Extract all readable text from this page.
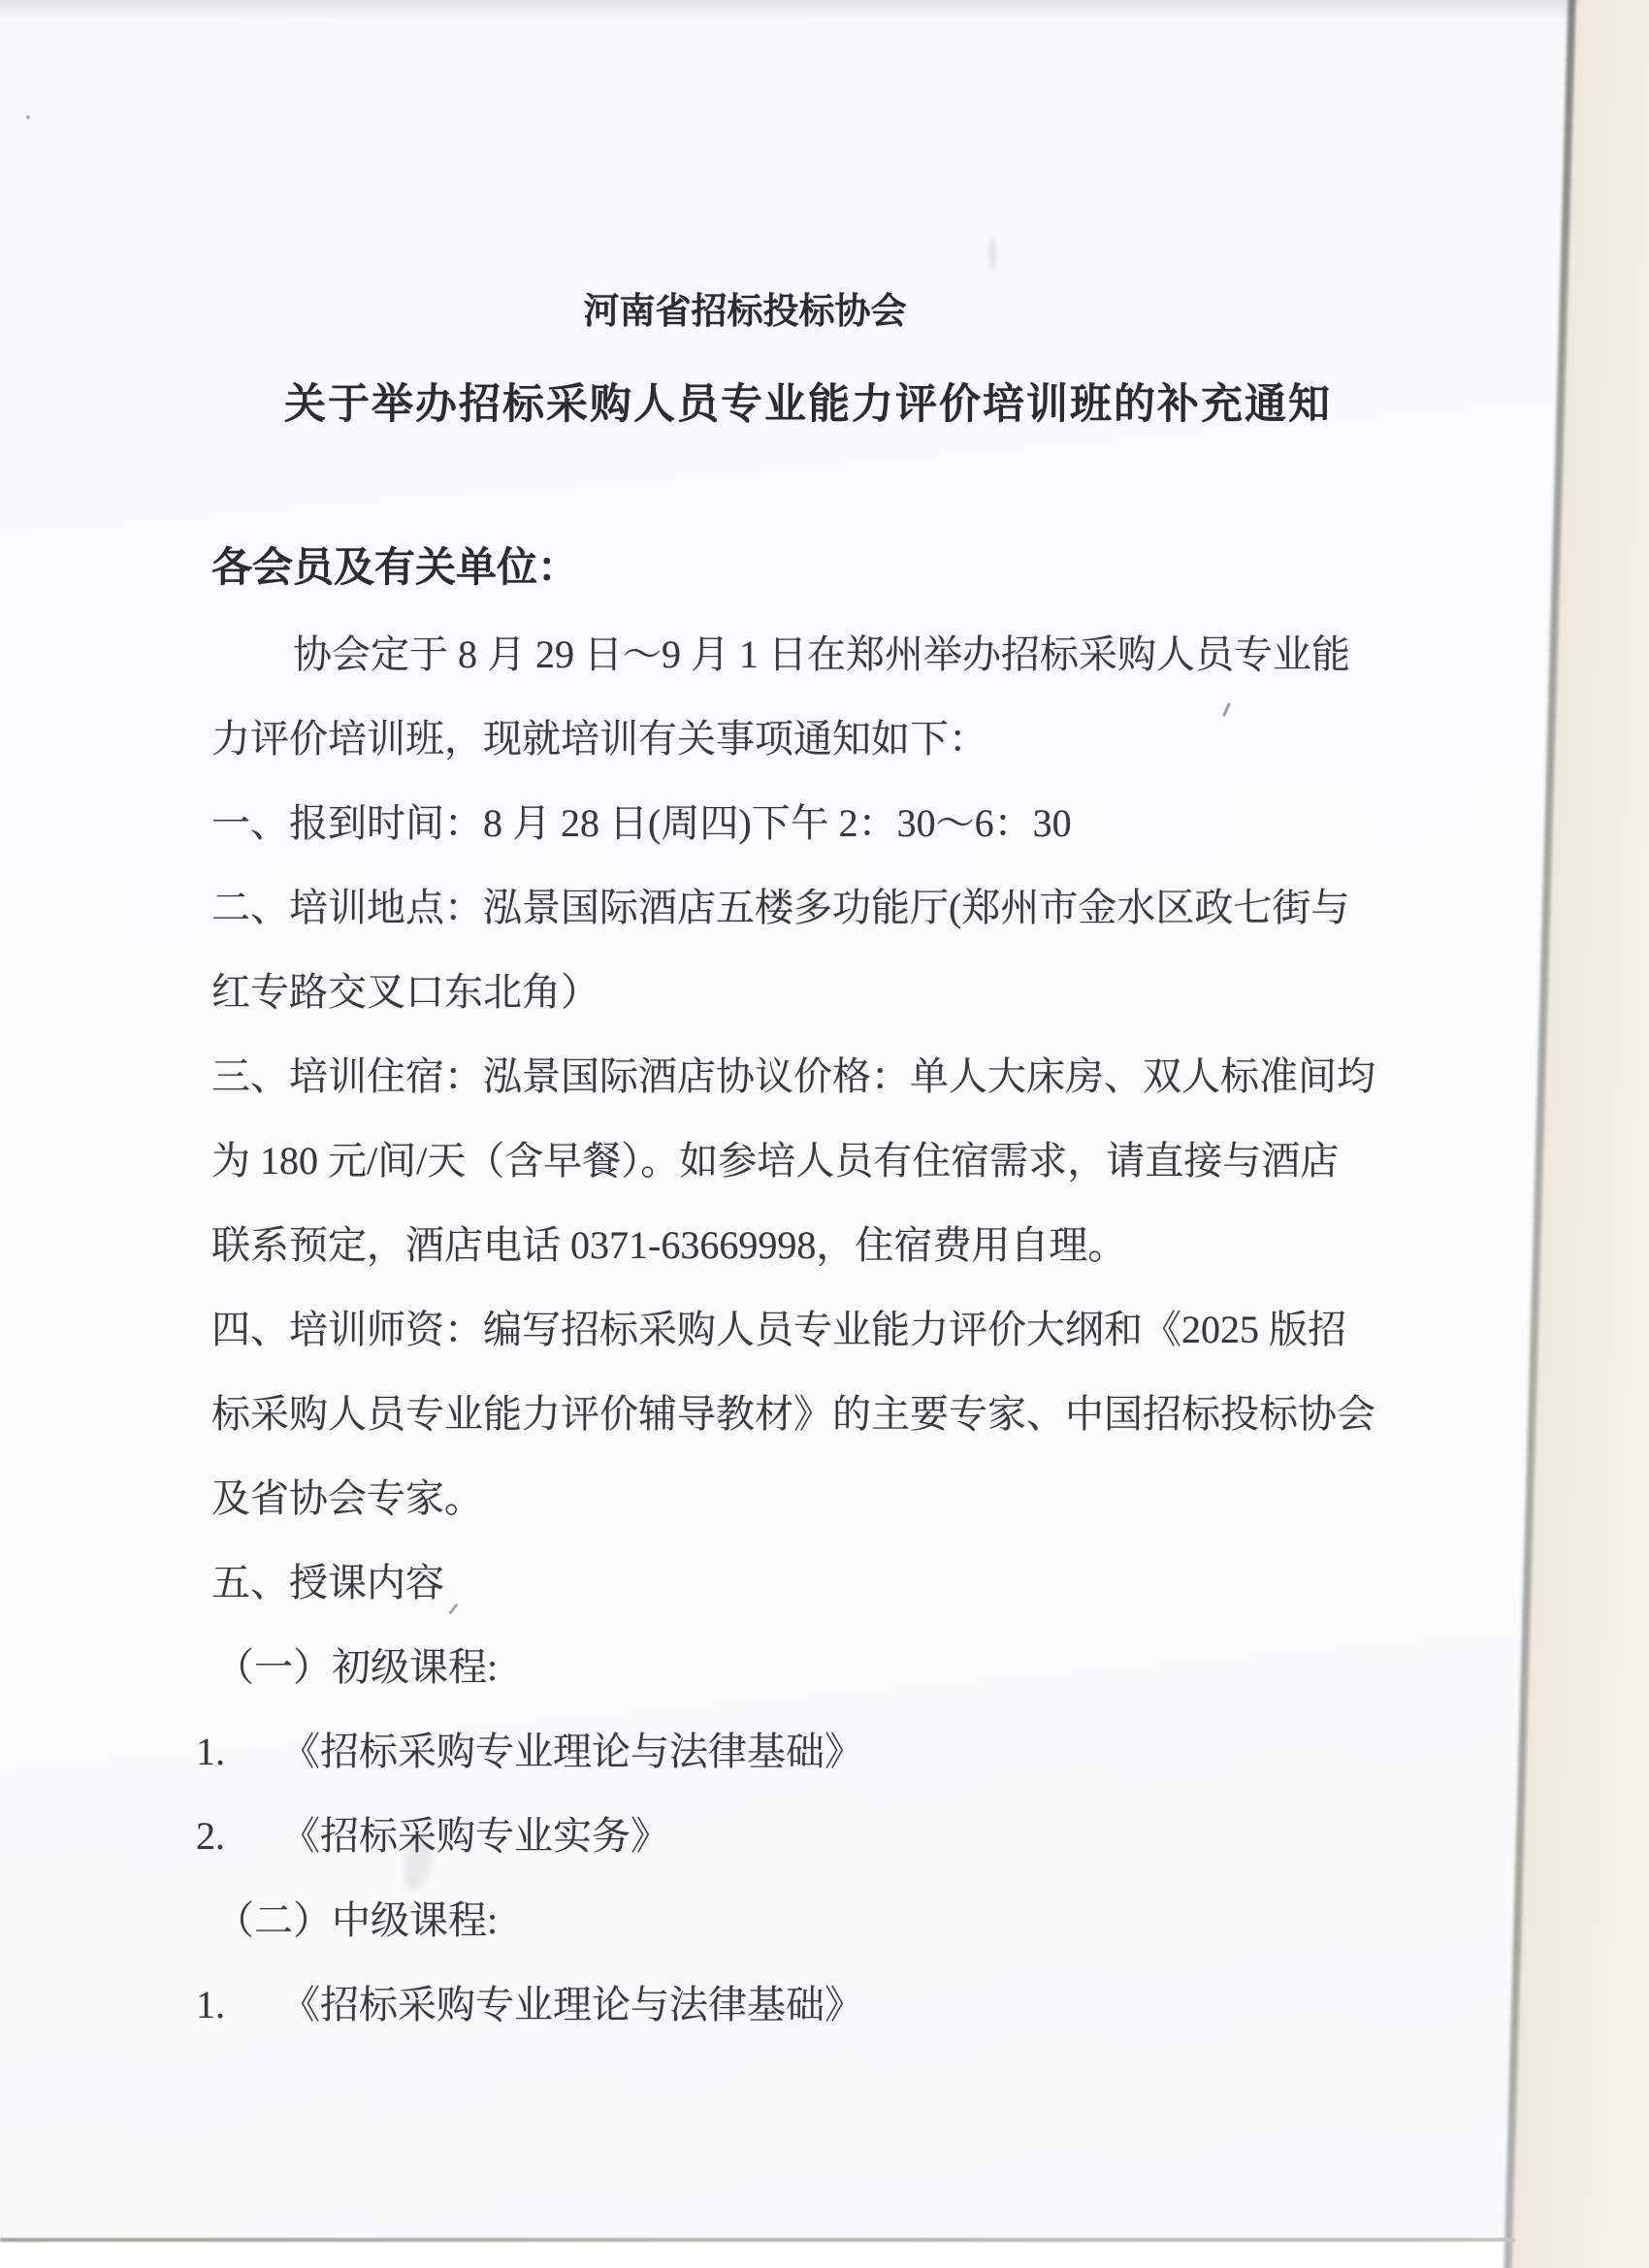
河南省招标投标协会
关于举办招标采购人员专业能力评价培训班的补充通知
各会员及有关单位：
协会定于 8 月 29 日～9 月 1 日在郑州举办招标采购人员专业能
力评价培训班，现就培训有关事项通知如下：
一、报到时间：8 月 28 日(周四)下午 2：30～6：30
二、培训地点：泓景国际酒店五楼多功能厅(郑州市金水区政七街与
红专路交叉口东北角）
三、培训住宿：泓景国际酒店协议价格：单人大床房、双人标准间均
为 180 元/间/天（含早餐）。如参培人员有住宿需求，请直接与酒店
联系预定，酒店电话 0371-63669998，住宿费用自理。
四、培训师资：编写招标采购人员专业能力评价大纲和《2025 版招
标采购人员专业能力评价辅导教材》的主要专家、中国招标投标协会
及省协会专家。
五、授课内容
（一）初级课程:
1. 《招标采购专业理论与法律基础》
2. 《招标采购专业实务》
（二）中级课程:
1. 《招标采购专业理论与法律基础》
